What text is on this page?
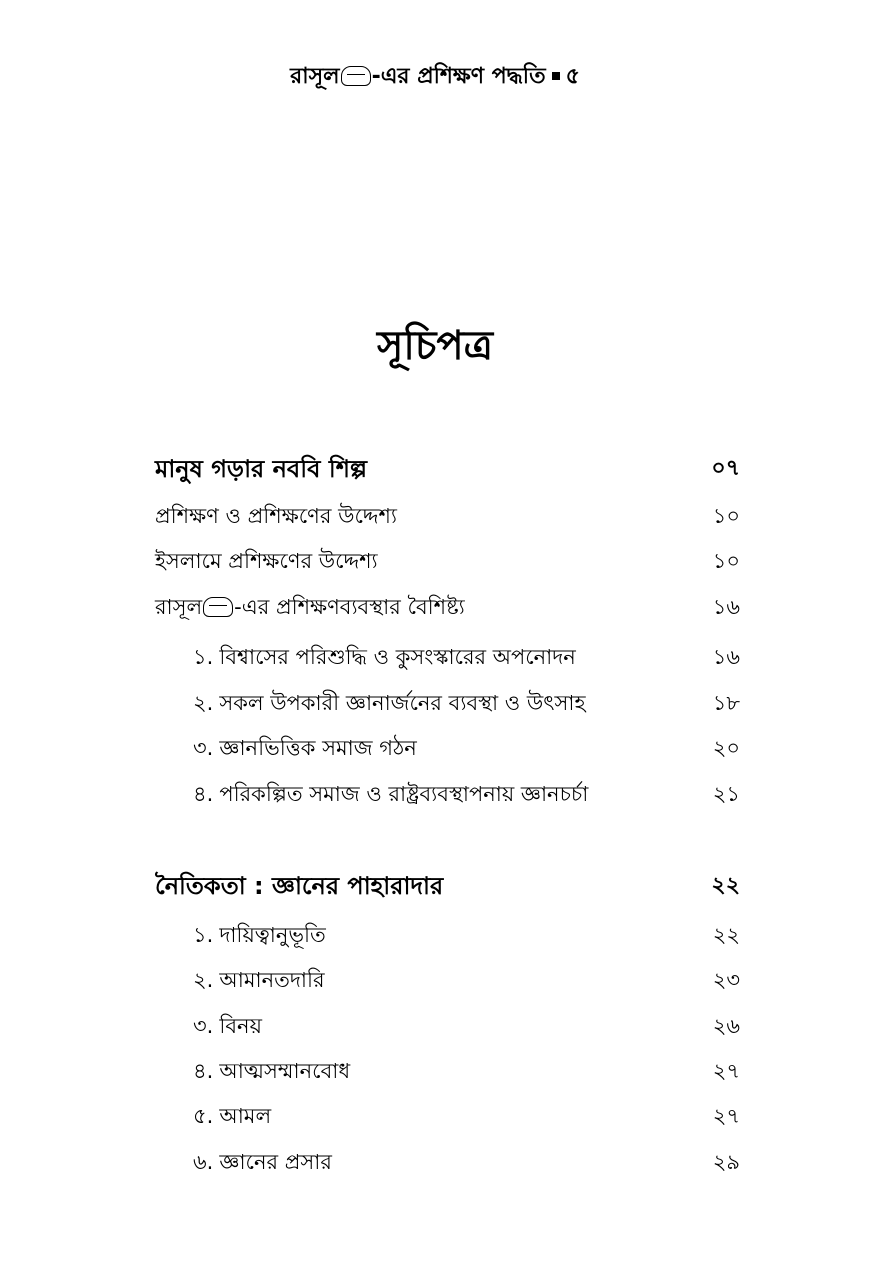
রাসূল -এর প্রশিক্ষণ পদ্ধতি ৫
সূচিপত্র
মানুষ গড়ার নববি শিল্প	০৭
প্রশিক্ষণ ও প্রশিক্ষণের উদ্দেশ্য	১০
ইসলামে প্রশিক্ষণের উদ্দেশ্য	১০
রাসূল -এর প্রশিক্ষণব্যবস্থার বৈশিষ্ট্য	১৬
১. বিশ্বাসের পরিশুদ্ধি ও কুসংস্কারের অপনোদন	১৬
২. সকল উপকারী জ্ঞানার্জনের ব্যবস্থা ও উৎসাহ	১৮
৩. জ্ঞানভিত্তিক সমাজ গঠন	২০
৪. পরিকল্পিত সমাজ ও রাষ্ট্রব্যবস্থাপনায় জ্ঞানচর্চা	২১
নৈতিকতা : জ্ঞানের পাহারাদার	২২
১. দায়িত্বানুভূতি	২২
২. আমানতদারি	২৩
৩. বিনয়	২৬
৪. আত্মসম্মানবোধ	২৭
৫. আমল	২৭
৬. জ্ঞানের প্রসার	২৯
